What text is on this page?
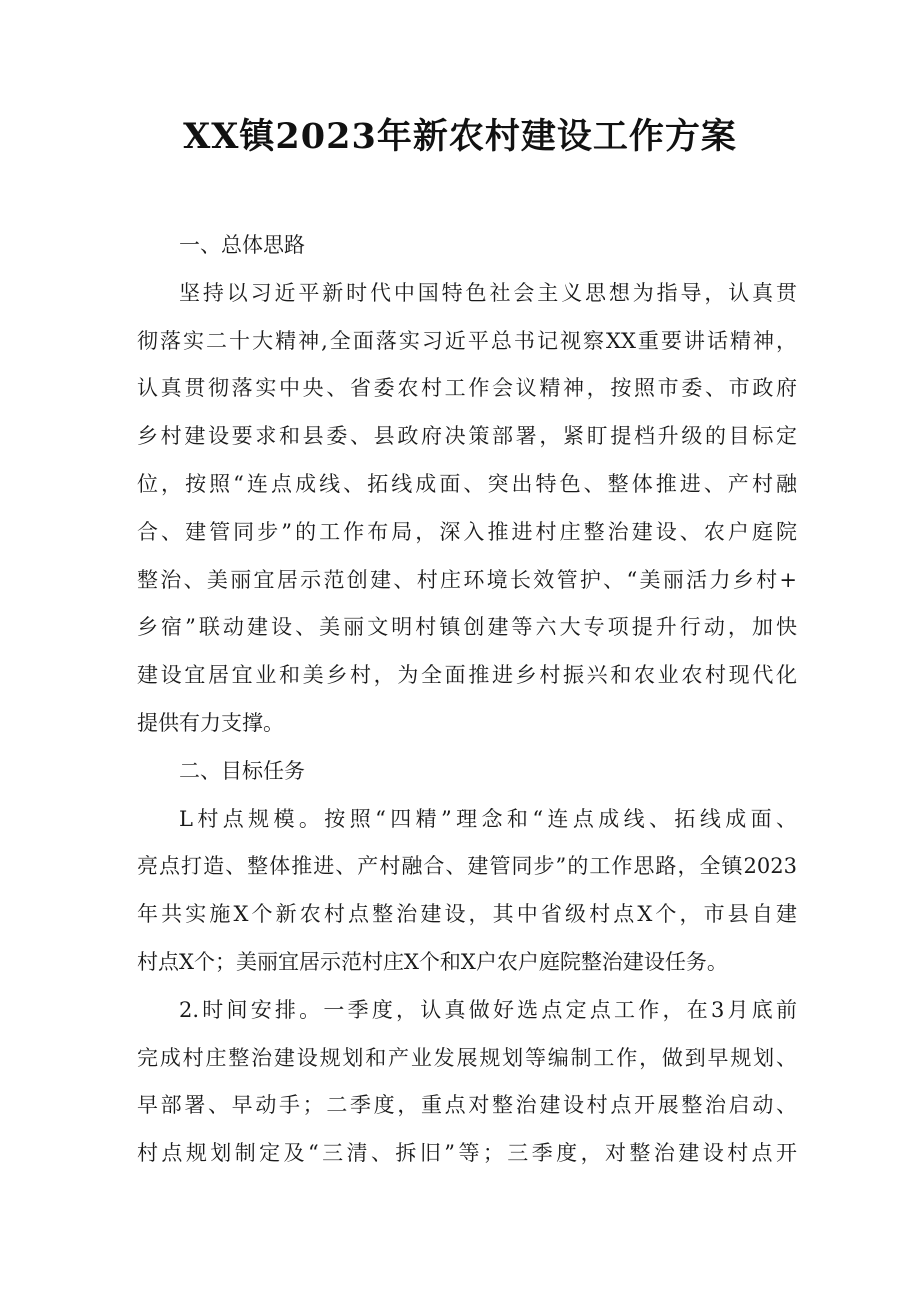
XX镇2023年新农村建设工作方案
一、总体思路
坚持以习近平新时代中国特色社会主义思想为指导，认真贯
彻落实二十大精神,全面落实习近平总书记视察XX重要讲话精神，
认真贯彻落实中央、省委农村工作会议精神，按照市委、市政府
乡村建设要求和县委、县政府决策部署，紧盯提档升级的目标定
位，按照“连点成线、拓线成面、突出特色、整体推进、产村融
合、建管同步”的工作布局，深入推进村庄整治建设、农户庭院
整治、美丽宜居示范创建、村庄环境长效管护、“美丽活力乡村+
乡宿”联动建设、美丽文明村镇创建等六大专项提升行动，加快
建设宜居宜业和美乡村，为全面推进乡村振兴和农业农村现代化
提供有力支撑。
二、目标任务
L村点规模。按照“四精”理念和“连点成线、拓线成面、
亮点打造、整体推进、产村融合、建管同步”的工作思路，全镇2023
年共实施X个新农村点整治建设，其中省级村点X个，市县自建
村点X个；美丽宜居示范村庄X个和X户农户庭院整治建设任务。
2.时间安排。一季度，认真做好选点定点工作，在3月底前
完成村庄整治建设规划和产业发展规划等编制工作，做到早规划、
早部署、早动手；二季度，重点对整治建设村点开展整治启动、
村点规划制定及“三清、拆旧”等；三季度，对整治建设村点开
